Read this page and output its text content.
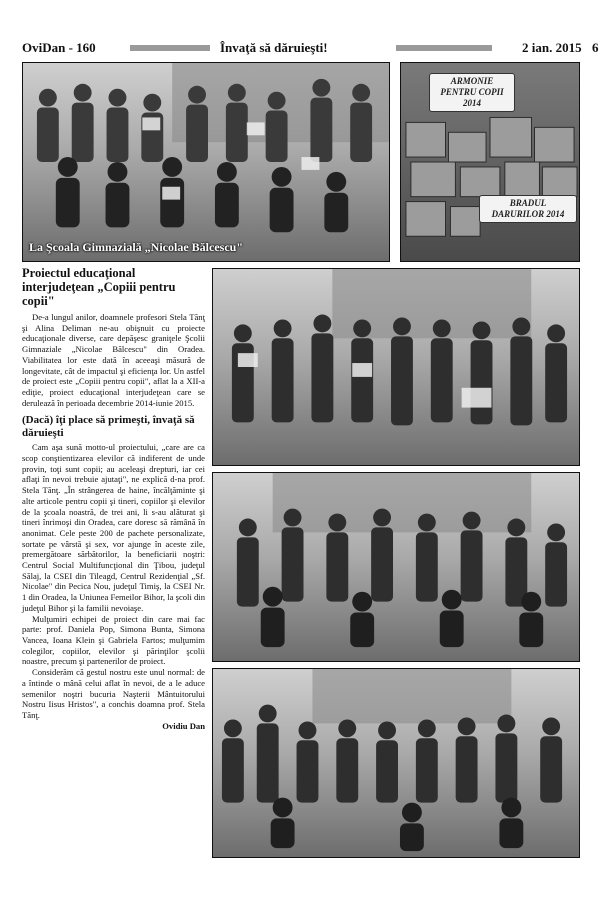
OviDan - 160	Învaţă să dăruieşti!	2 ian. 2015 6
La Şcoala Gimnazială „Nicolae Bălcescu"
ARMONIE PENTRU COPII 2014
BRADUL DARURILOR 2014
Proiectul educaţional interjudeţean „Copiii pentru copii"

De-a lungul anilor, doamnele profesori Stela Tănţ şi Alina Deliman ne-au obişnuit cu proiecte educaţionale diverse, care depăşesc graniţele Şcolii Gimnaziale „Nicolae Bălcescu" din Oradea. Viabilitatea lor este dată în aceeaşi măsură de longevitate, cât de impactul şi eficienţa lor. Un astfel de proiect este „Copiii pentru copii", aflat la a XII-a ediţie, proiect educaţional interjudeţean care se derulează în perioada decembrie 2014-iunie 2015.

(Dacă) îţi place să primeşti, învaţă să dăruieşti

Cam aşa sună motto-ul proiectului, „care are ca scop conştientizarea elevilor că indiferent de unde provin, toţi sunt copii; au aceleaşi drepturi, iar cei aflaţi în nevoi trebuie ajutaţi", ne explică d-na prof. Stela Tănţ. „În strângerea de haine, încălţăminte şi alte articole pentru copii şi tineri, copiilor şi elevilor de la şcoala noastră, de trei ani, li s-au alăturat şi tineri înrimoşi din Oradea, care doresc să rămână în anonimat. Cele peste 200 de pachete personalizate, sortate pe vârstă şi sex, vor ajunge în aceste zile, premergătoare sărbătorilor, la beneficiarii noştri: Centrul Social Multifuncţional din Ţibou, judeţul Sălaj, la CSEI din Tileagd, Centrul Rezidenţial „Sf. Nicolae" din Pecica Nou, judeţul Timiş, la CSEI Nr. 1 din Oradea, la Uniunea Femeilor Bihor, la şcoli din judeţul Bihor şi la familii nevoiaşe.

Mulţumiri echipei de proiect din care mai fac parte: prof. Daniela Pop, Simona Bunta, Simona Vancea, Ioana Klein şi Gabriela Fartos; mulţumim colegilor, copiilor, elevilor şi părinţilor şcolii noastre, precum şi partenerilor de proiect.

Considerăm că gestul nostru este unul normal: de a întinde o mână celui aflat în nevoi, de a le aduce semenilor noştri bucuria Naşterii Mântuitorului Nostru Iisus Hristos", a conchis doamna prof. Stela Tănţ.

Ovidiu Dan
